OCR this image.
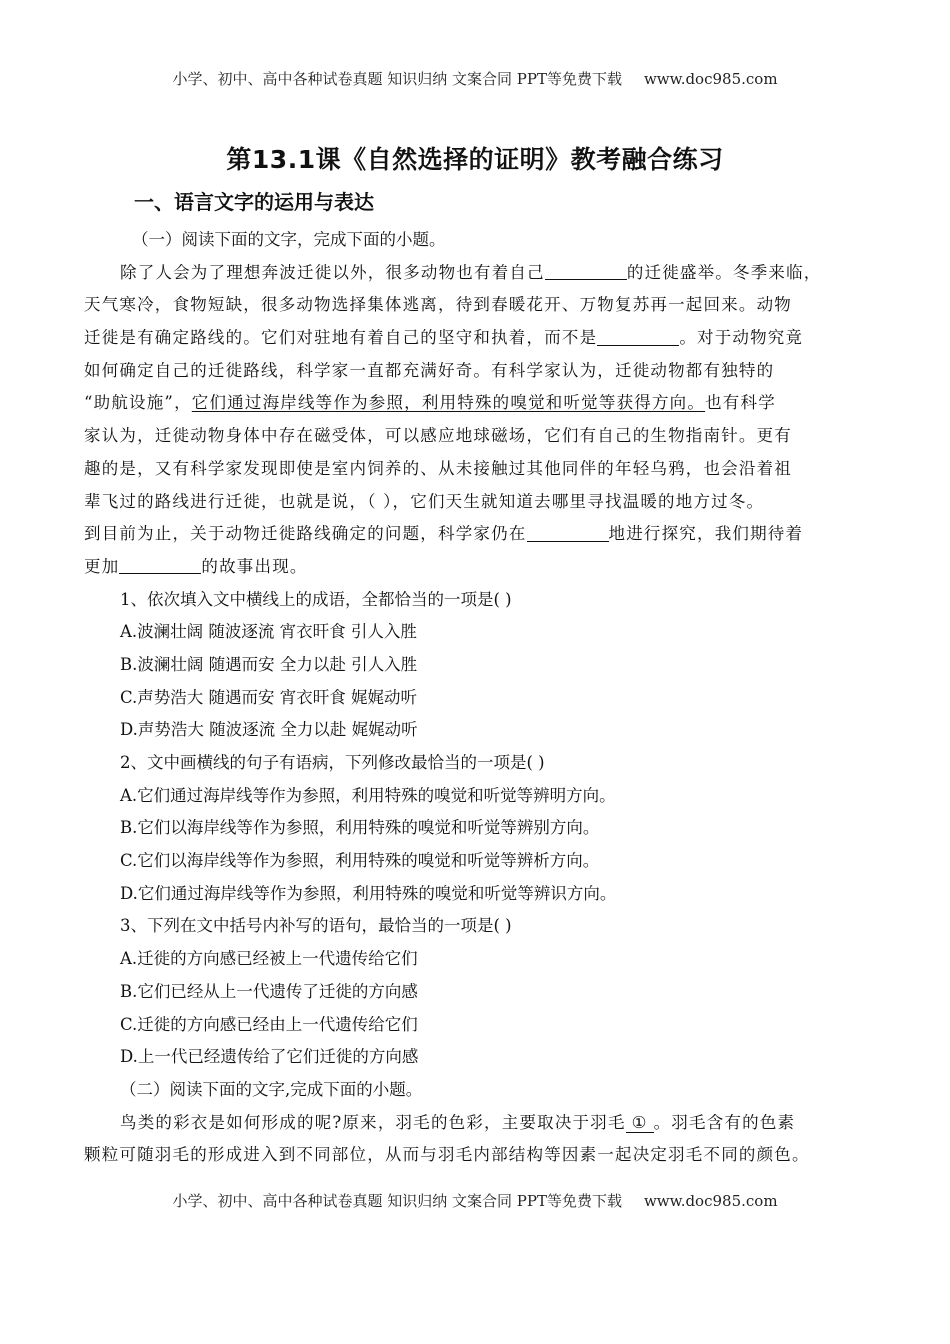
小学、初中、高中各种试卷真题 知识归纳 文案合同 PPT等免费下载 www.doc985.com
第13.1课《自然选择的证明》教考融合练习
一、语言文字的运用与表达
（一）阅读下面的文字，完成下面的小题。
除了人会为了理想奔波迁徙以外，很多动物也有着自己	的迁徙盛举。冬季来临，
天气寒冷，食物短缺，很多动物选择集体逃离，待到春暖花开、万物复苏再一起回来。动物
迁徙是有确定路线的。它们对驻地有着自己的坚守和执着，而不是	。对于动物究竟
如何确定自己的迁徙路线，科学家一直都充满好奇。有科学家认为，迁徙动物都有独特的
“助航设施”，它们通过海岸线等作为参照，利用特殊的嗅觉和听觉等获得方向。也有科学
家认为，迁徙动物身体中存在磁受体，可以感应地球磁场，它们有自己的生物指南针。更有
趣的是，又有科学家发现即使是室内饲养的、从未接触过其他同伴的年轻乌鸦，也会沿着祖
辈飞过的路线进行迁徙，也就是说，（ ），它们天生就知道去哪里寻找温暖的地方过冬。
到目前为止，关于动物迁徙路线确定的问题，科学家仍在	地进行探究，我们期待着
更加	的故事出现。
1、依次填入文中横线上的成语，全都恰当的一项是( )
A.波澜壮阔 随波逐流 宵衣旰食 引人入胜
B.波澜壮阔 随遇而安 全力以赴 引人入胜
C.声势浩大 随遇而安 宵衣旰食 娓娓动听
D.声势浩大 随波逐流 全力以赴 娓娓动听
2、文中画横线的句子有语病，下列修改最恰当的一项是( )
A.它们通过海岸线等作为参照，利用特殊的嗅觉和听觉等辨明方向。
B.它们以海岸线等作为参照，利用特殊的嗅觉和听觉等辨别方向。
C.它们以海岸线等作为参照，利用特殊的嗅觉和听觉等辨析方向。
D.它们通过海岸线等作为参照，利用特殊的嗅觉和听觉等辨识方向。
3、下列在文中括号内补写的语句，最恰当的一项是( )
A.迁徙的方向感已经被上一代遗传给它们
B.它们已经从上一代遗传了迁徙的方向感
C.迁徙的方向感已经由上一代遗传给它们
D.上一代已经遗传给了它们迁徙的方向感
（二）阅读下面的文字,完成下面的小题。
鸟类的彩衣是如何形成的呢?原来，羽毛的色彩，主要取决于羽毛 ① 。羽毛含有的色素
颗粒可随羽毛的形成进入到不同部位，从而与羽毛内部结构等因素一起决定羽毛不同的颜色。
小学、初中、高中各种试卷真题 知识归纳 文案合同 PPT等免费下载 www.doc985.com
